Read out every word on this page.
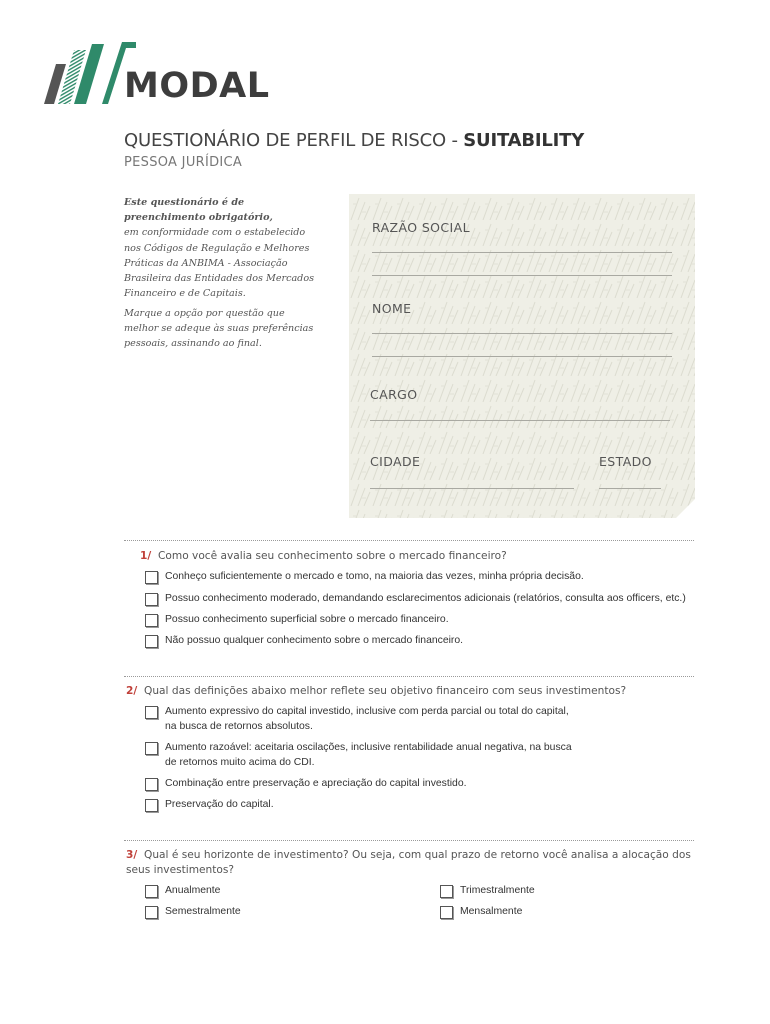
MODAL
QUESTIONÁRIO DE PERFIL DE RISCO - SUITABILITY
PESSOA JURÍDICA
Este questionário é de
preenchimento obrigatório,
em conformidade com o estabelecido
nos Códigos de Regulação e Melhores
Práticas da ANBIMA - Associação
Brasileira das Entidades dos Mercados
Financeiro e de Capitais.
Marque a opção por questão que
melhor se adeque às suas preferências
pessoais, assinando ao final.
RAZÃO SOCIAL
NOME
CARGO
CIDADE	ESTADO
1/ Como você avalia seu conhecimento sobre o mercado financeiro?
Conheço suficientemente o mercado e tomo, na maioria das vezes, minha própria decisão.
Possuo conhecimento moderado, demandando esclarecimentos adicionais (relatórios, consulta aos officers, etc.)
Possuo conhecimento superficial sobre o mercado financeiro.
Não possuo qualquer conhecimento sobre o mercado financeiro.
2/ Qual das definições abaixo melhor reflete seu objetivo financeiro com seus investimentos?
Aumento expressivo do capital investido, inclusive com perda parcial ou total do capital,
na busca de retornos absolutos.
Aumento razoável: aceitaria oscilações, inclusive rentabilidade anual negativa, na busca
de retornos muito acima do CDI.
Combinação entre preservação e apreciação do capital investido.
Preservação do capital.
3/ Qual é seu horizonte de investimento? Ou seja, com qual prazo de retorno você analisa a alocação dos
seus investimentos?
Anualmente	Trimestralmente
Semestralmente	Mensalmente
